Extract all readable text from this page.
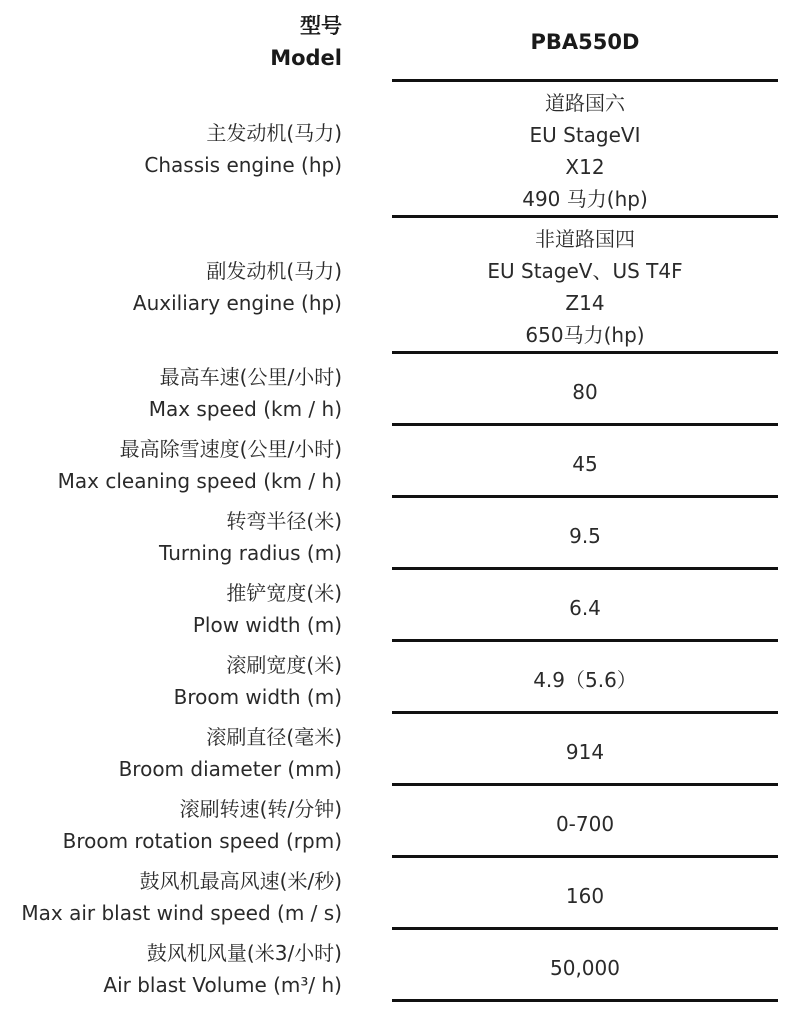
型号
Model
PBA550D
主发动机(马力)
Chassis engine (hp)
道路国六
EU StageVI
X12
490 马力(hp)
副发动机(马力)
Auxiliary engine (hp)
非道路国四
EU StageV、US T4F
Z14
650马力(hp)
最高车速(公里/小时)
Max speed (km / h)
80
最高除雪速度(公里/小时)
Max cleaning speed (km / h)
45
转弯半径(米)
Turning radius (m)
9.5
推铲宽度(米)
Plow width (m)
6.4
滚刷宽度(米)
Broom width (m)
4.9（5.6）
滚刷直径(毫米)
Broom diameter (mm)
914
滚刷转速(转/分钟)
Broom rotation speed (rpm)
0-700
鼓风机最高风速(米/秒)
Max air blast wind speed (m / s)
160
鼓风机风量(米3/小时)
Air blast Volume (m³/ h)
50,000
